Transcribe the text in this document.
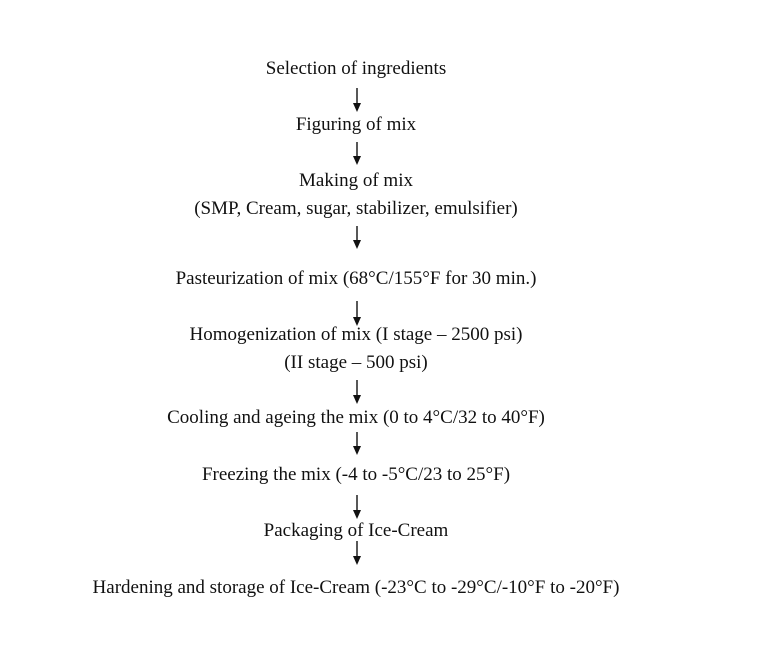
Selection of ingredients
Figuring of mix
Making of mix
(SMP, Cream, sugar, stabilizer, emulsifier)
Pasteurization of mix (68°C/155°F for 30 min.)
Homogenization of mix (I stage – 2500 psi)
(II stage – 500 psi)
Cooling and ageing the mix (0 to 4°C/32 to 40°F)
Freezing the mix (-4 to -5°C/23 to 25°F)
Packaging of Ice-Cream
Hardening and storage of Ice-Cream (-23°C to -29°C/-10°F to -20°F)
